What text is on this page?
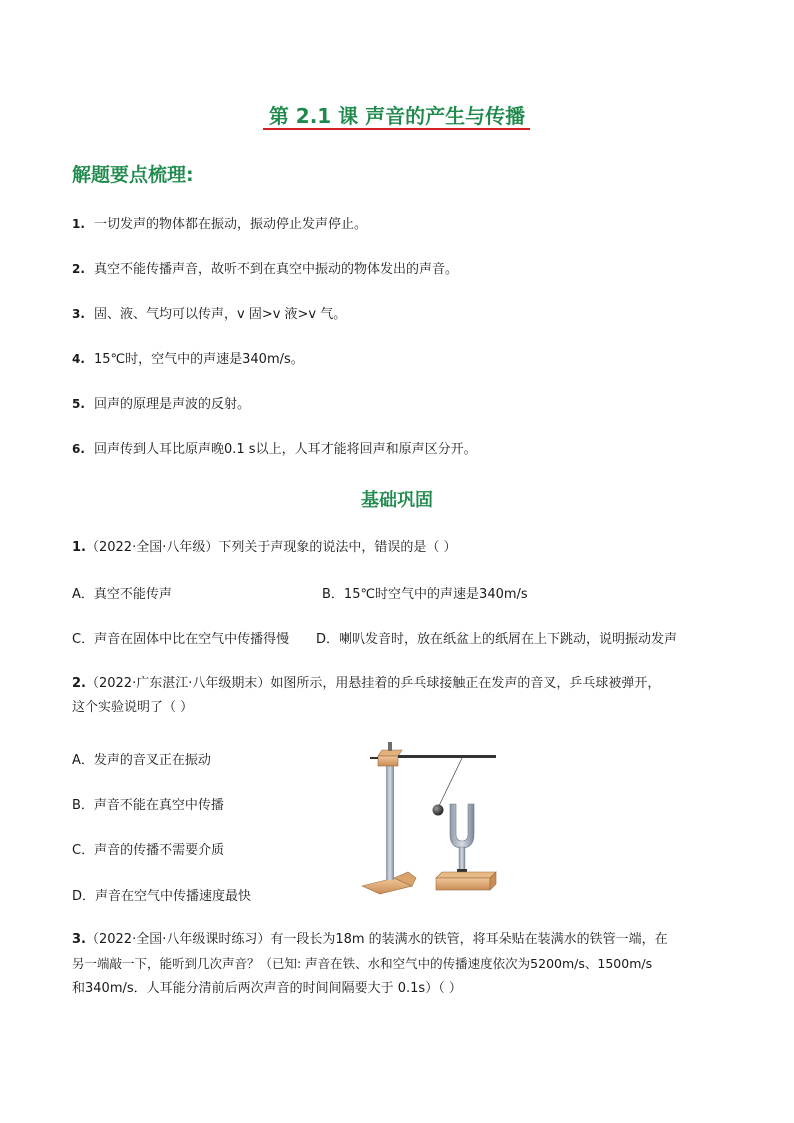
第 2.1 课 声音的产生与传播
解题要点梳理:
1. 一切发声的物体都在振动，振动停止发声停止。
2. 真空不能传播声音，故听不到在真空中振动的物体发出的声音。
3. 固、液、气均可以传声，v 固>v 液>v 气。
4. 15℃时，空气中的声速是340m/s。
5. 回声的原理是声波的反射。
6. 回声传到人耳比原声晚0.1 s以上，人耳才能将回声和原声区分开。
基础巩固
1.（2022·全国·八年级）下列关于声现象的说法中，错误的是（ ）
A．真空不能传声	B．15℃时空气中的声速是340m/s
C．声音在固体中比在空气中传播得慢 D．喇叭发音时，放在纸盆上的纸屑在上下跳动，说明振动发声
2.（2022·广东湛江·八年级期末）如图所示，用悬挂着的乒乓球接触正在发声的音叉，乒乓球被弹开，
这个实验说明了（ ）
A．发声的音叉正在振动
B．声音不能在真空中传播
C．声音的传播不需要介质
D．声音在空气中传播速度最快
3.（2022·全国·八年级课时练习）有一段长为18m 的装满水的铁管，将耳朵贴在装满水的铁管一端，在
另一端敲一下，能听到几次声音？（已知: 声音在铁、水和空气中的传播速度依次为5200m/s、1500m/s
和340m/s．人耳能分清前后两次声音的时间间隔要大于 0.1s）（ ）
